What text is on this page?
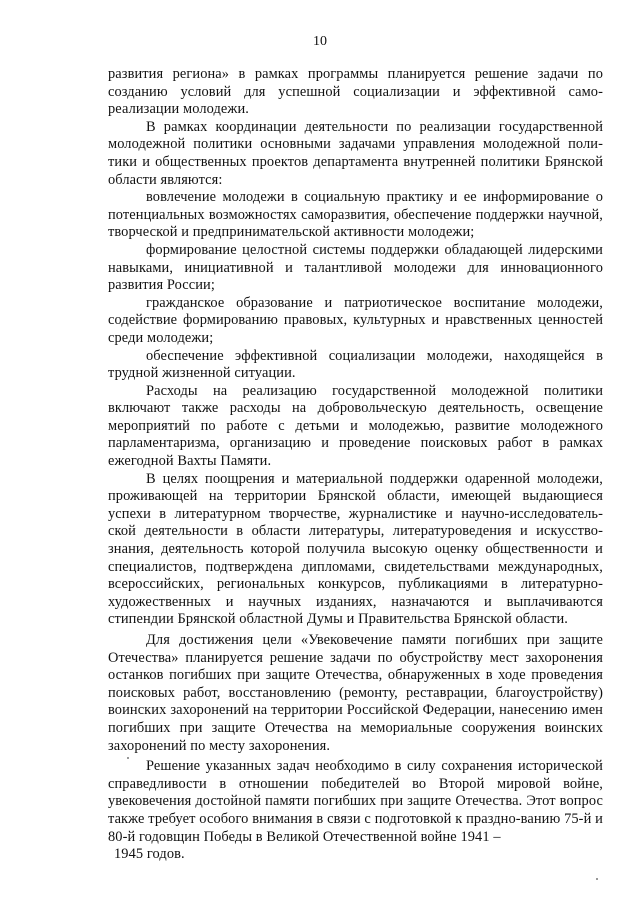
10

развития региона» в рамках программы планируется решение задачи по созданию условий для успешной социализации и эффективной само-реализации молодежи.

В рамках координации деятельности по реализации государственной молодежной политики основными задачами управления молодежной поли-тики и общественных проектов департамента внутренней политики Брянской области являются:

вовлечение молодежи в социальную практику и ее информирование о потенциальных возможностях саморазвития, обеспечение поддержки научной, творческой и предпринимательской активности молодежи;

формирование целостной системы поддержки обладающей лидерскими навыками, инициативной и талантливой молодежи для инновационного развития России;

гражданское образование и патриотическое воспитание молодежи, содействие формированию правовых, культурных и нравственных ценностей среди молодежи;

обеспечение эффективной социализации молодежи, находящейся в трудной жизненной ситуации.

Расходы на реализацию государственной молодежной политики включают также расходы на добровольческую деятельность, освещение мероприятий по работе с детьми и молодежью, развитие молодежного парламентаризма, организацию и проведение поисковых работ в рамках ежегодной Вахты Памяти.

В целях поощрения и материальной поддержки одаренной молодежи, проживающей на территории Брянской области, имеющей выдающиеся успехи в литературном творчестве, журналистике и научно-исследователь-ской деятельности в области литературы, литературоведения и искусство-знания, деятельность которой получила высокую оценку общественности и специалистов, подтверждена дипломами, свидетельствами международных, всероссийских, региональных конкурсов, публикациями в литературно-художественных и научных изданиях, назначаются и выплачиваются стипендии Брянской областной Думы и Правительства Брянской области.

Для достижения цели «Увековечение памяти погибших при защите Отечества» планируется решение задачи по обустройству мест захоронения останков погибших при защите Отечества, обнаруженных в ходе проведения поисковых работ, восстановлению (ремонту, реставрации, благоустройству) воинских захоронений на территории Российской Федерации, нанесению имен погибших при защите Отечества на мемориальные сооружения воинских захоронений по месту захоронения.

Решение указанных задач необходимо в силу сохранения исторической справедливости в отношении победителей во Второй мировой войне, увековечения достойной памяти погибших при защите Отечества. Этот вопрос также требует особого внимания в связи с подготовкой к праздно-ванию 75-й и 80-й годовщин Победы в Великой Отечественной войне 1941 –

1945 годов.
